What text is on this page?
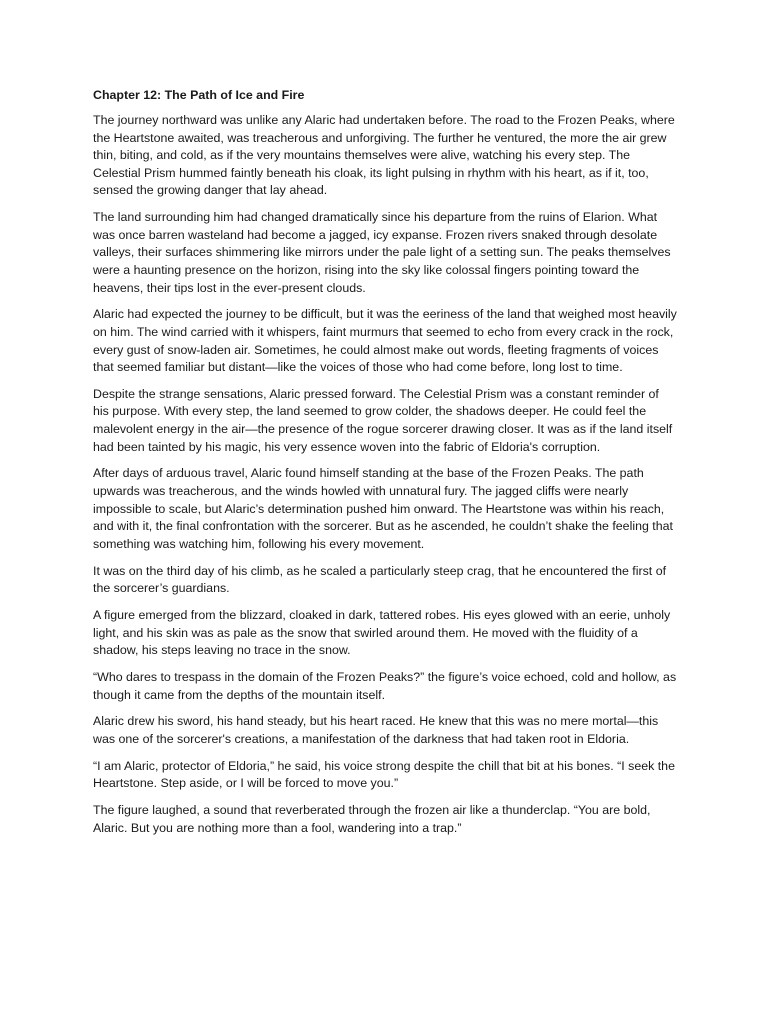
Chapter 12: The Path of Ice and Fire

The journey northward was unlike any Alaric had undertaken before. The road to the Frozen Peaks, where the Heartstone awaited, was treacherous and unforgiving. The further he ventured, the more the air grew thin, biting, and cold, as if the very mountains themselves were alive, watching his every step. The Celestial Prism hummed faintly beneath his cloak, its light pulsing in rhythm with his heart, as if it, too, sensed the growing danger that lay ahead.

The land surrounding him had changed dramatically since his departure from the ruins of Elarion. What was once barren wasteland had become a jagged, icy expanse. Frozen rivers snaked through desolate valleys, their surfaces shimmering like mirrors under the pale light of a setting sun. The peaks themselves were a haunting presence on the horizon, rising into the sky like colossal fingers pointing toward the heavens, their tips lost in the ever-present clouds.

Alaric had expected the journey to be difficult, but it was the eeriness of the land that weighed most heavily on him. The wind carried with it whispers, faint murmurs that seemed to echo from every crack in the rock, every gust of snow-laden air. Sometimes, he could almost make out words, fleeting fragments of voices that seemed familiar but distant—like the voices of those who had come before, long lost to time.

Despite the strange sensations, Alaric pressed forward. The Celestial Prism was a constant reminder of his purpose. With every step, the land seemed to grow colder, the shadows deeper. He could feel the malevolent energy in the air—the presence of the rogue sorcerer drawing closer. It was as if the land itself had been tainted by his magic, his very essence woven into the fabric of Eldoria's corruption.

After days of arduous travel, Alaric found himself standing at the base of the Frozen Peaks. The path upwards was treacherous, and the winds howled with unnatural fury. The jagged cliffs were nearly impossible to scale, but Alaric’s determination pushed him onward. The Heartstone was within his reach, and with it, the final confrontation with the sorcerer. But as he ascended, he couldn’t shake the feeling that something was watching him, following his every movement.

It was on the third day of his climb, as he scaled a particularly steep crag, that he encountered the first of the sorcerer’s guardians.

A figure emerged from the blizzard, cloaked in dark, tattered robes. His eyes glowed with an eerie, unholy light, and his skin was as pale as the snow that swirled around them. He moved with the fluidity of a shadow, his steps leaving no trace in the snow.

“Who dares to trespass in the domain of the Frozen Peaks?” the figure’s voice echoed, cold and hollow, as though it came from the depths of the mountain itself.

Alaric drew his sword, his hand steady, but his heart raced. He knew that this was no mere mortal—this was one of the sorcerer's creations, a manifestation of the darkness that had taken root in Eldoria.

“I am Alaric, protector of Eldoria,” he said, his voice strong despite the chill that bit at his bones. “I seek the Heartstone. Step aside, or I will be forced to move you.”

The figure laughed, a sound that reverberated through the frozen air like a thunderclap. “You are bold, Alaric. But you are nothing more than a fool, wandering into a trap.”
